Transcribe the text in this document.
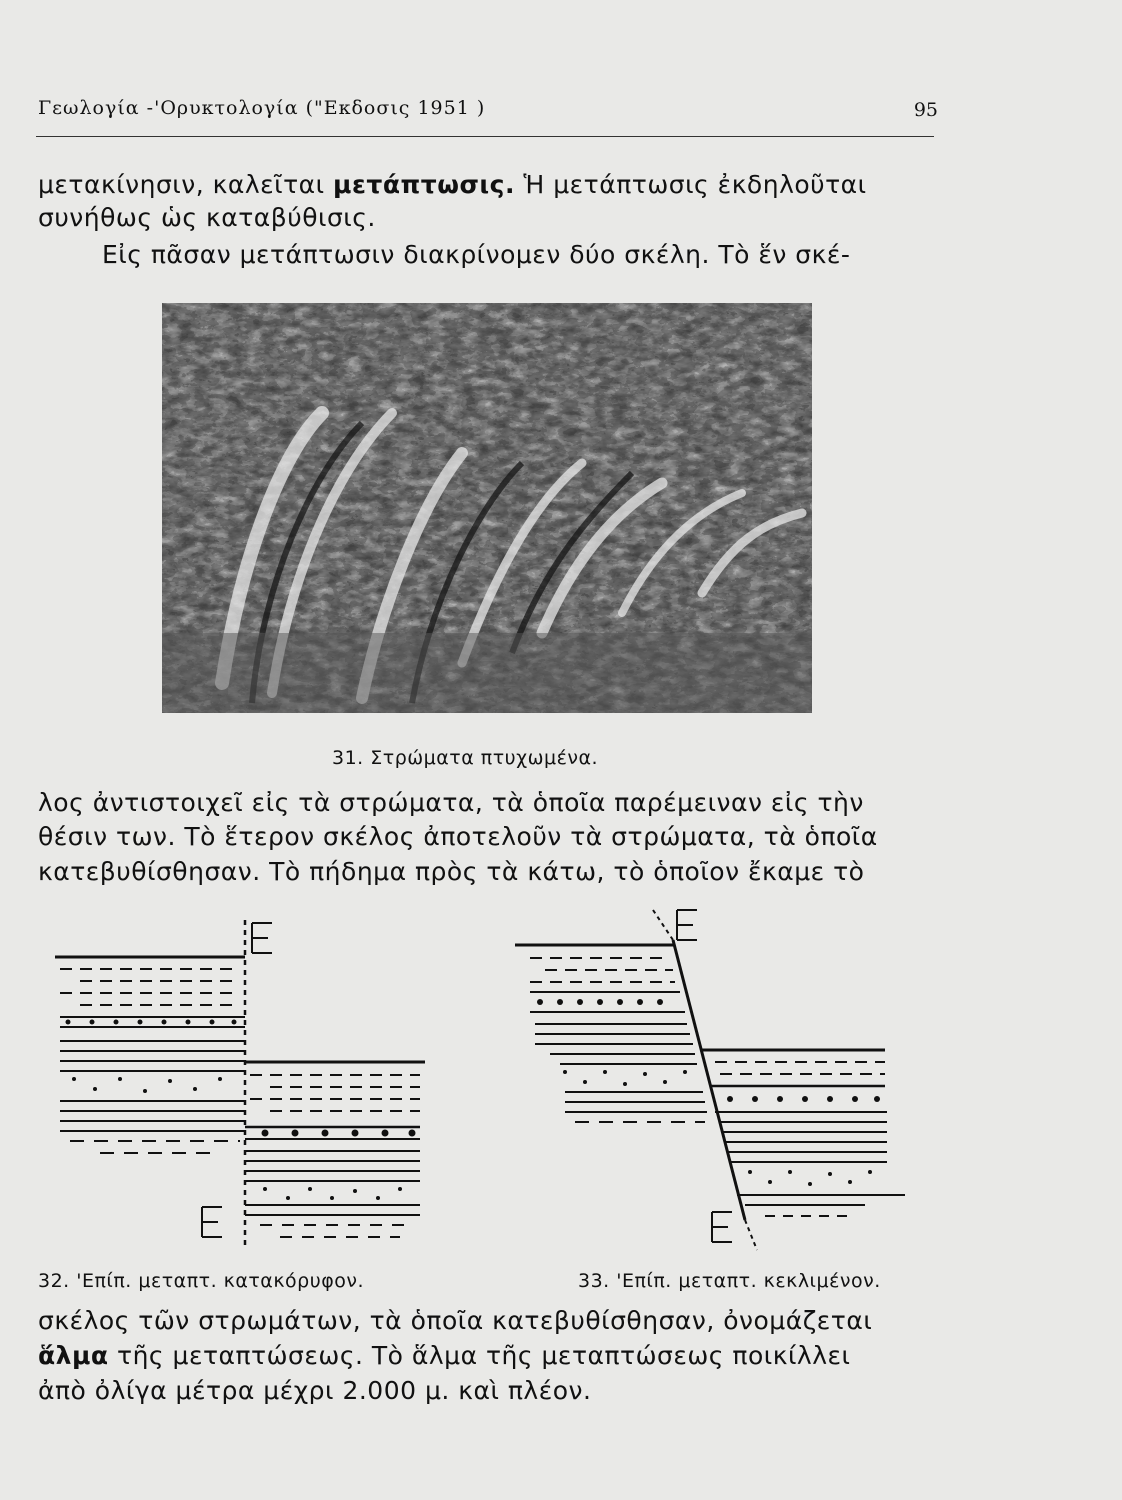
Γεωλογία -'Ορυκτολογία ("Εκδοσις 1951 )	95
μετακίνησιν, καλεῖται μετάπτωσις. Ἡ μετάπτωσις ἐκδηλοῦται
συνήθως ὡς καταβύθισις.
Εἰς πᾶσαν μετάπτωσιν διακρίνομεν δύο σκέλη. Τὸ ἕν σκέ-
31. Στρώματα πτυχωμένα.
λος ἀντιστοιχεῖ εἰς τὰ στρώματα, τὰ ὁποῖα παρέμειναν εἰς τὴν
θέσιν των. Τὸ ἕτερον σκέλος ἀποτελοῦν τὰ στρώματα, τὰ ὁποῖα
κατεβυθίσθησαν. Τὸ πήδημα πρὸς τὰ κάτω, τὸ ὁποῖον ἔκαμε τὸ
32. 'Επίπ. μεταπτ. κατακόρυφον.	33. 'Επίπ. μεταπτ. κεκλιμένον.
σκέλος τῶν στρωμάτων, τὰ ὁποῖα κατεβυθίσθησαν, ὀνομάζεται
ἅλμα τῆς μεταπτώσεως. Τὸ ἅλμα τῆς μεταπτώσεως ποικίλλει
ἀπὸ ὀλίγα μέτρα μέχρι 2.000 μ. καὶ πλέον.
